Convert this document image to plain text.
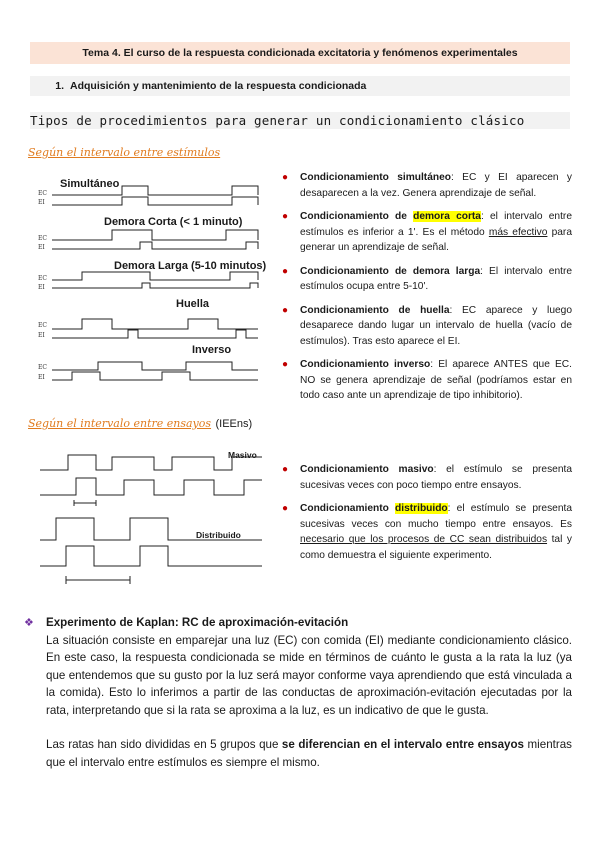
Tema 4. El curso de la respuesta condicionada excitatoria y fenómenos experimentales
1. Adquisición y mantenimiento de la respuesta condicionada
Tipos de procedimientos para generar un condicionamiento clásico
Según el intervalo entre estímulos
Simultáneo
Demora Corta (< 1 minuto)
Demora Larga (5-10 minutos)
Huella
Inverso
EC
EI
EC
EI
EC
EI
EC
EI
EC
EI
● Condicionamiento simultáneo: EC y EI aparecen y desaparecen a la vez. Genera aprendizaje de señal.
● Condicionamiento de demora corta: el intervalo entre estímulos es inferior a 1'. Es el método más efectivo para generar un aprendizaje de señal.
● Condicionamiento de demora larga: El intervalo entre estímulos ocupa entre 5-10'.
● Condicionamiento de huella: EC aparece y luego desaparece dando lugar un intervalo de huella (vacío de estímulos). Tras esto aparece el EI.
● Condicionamiento inverso: El aparece ANTES que EC. NO se genera aprendizaje de señal (podríamos estar en todo caso ante un aprendizaje de tipo inhibitorio).
Según el intervalo entre ensayos (IEEns)
Masivo
Distribuido
● Condicionamiento masivo: el estímulo se presenta sucesivas veces con poco tiempo entre ensayos.
● Condicionamiento distribuido: el estímulo se presenta sucesivas veces con mucho tiempo entre ensayos. Es necesario que los procesos de CC sean distribuidos tal y como demuestra el siguiente experimento.
❖ Experimento de Kaplan: RC de aproximación-evitación

La situación consiste en emparejar una luz (EC) con comida (EI) mediante condicionamiento clásico. En este caso, la respuesta condicionada se mide en términos de cuánto le gusta a la rata la luz (ya que entendemos que su gusto por la luz será mayor conforme vaya aprendiendo que está vinculada a la comida). Esto lo inferimos a partir de las conductas de aproximación-evitación ejecutadas por la rata, interpretando que si la rata se aproxima a la luz, es un indicativo de que le gusta.

Las ratas han sido divididas en 5 grupos que se diferencian en el intervalo entre ensayos mientras que el intervalo entre estímulos es siempre el mismo.
